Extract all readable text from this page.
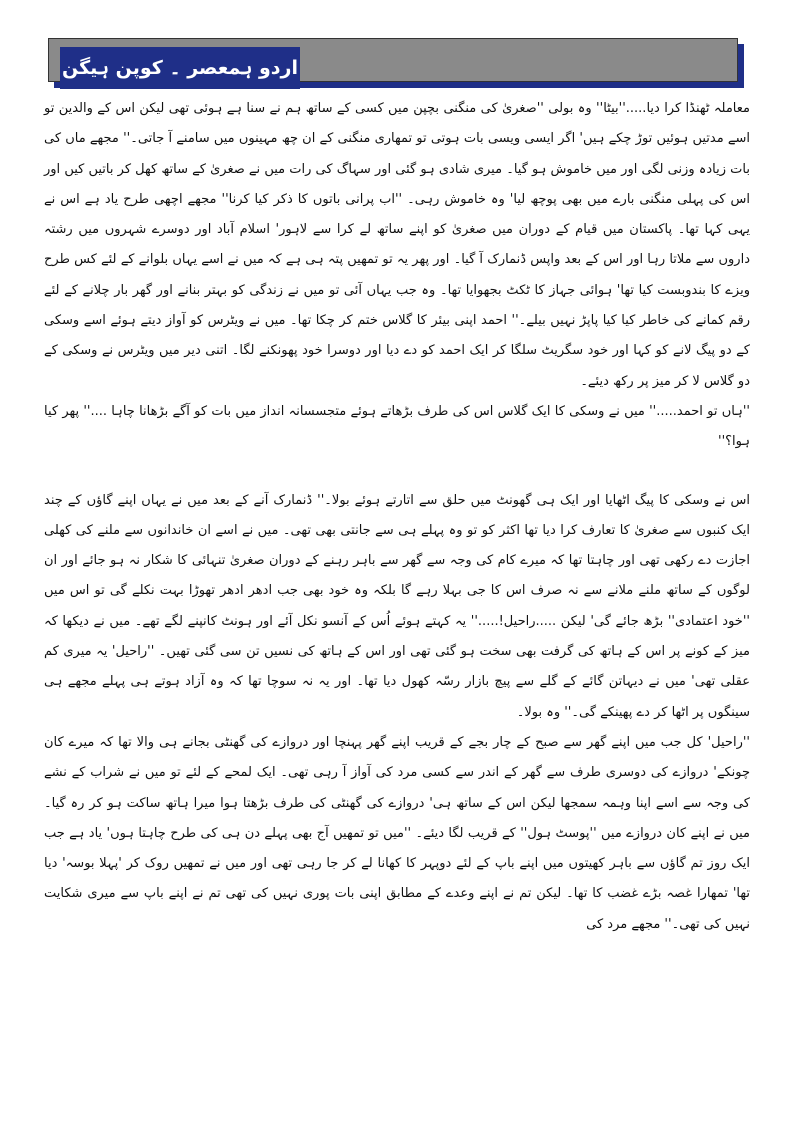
اردو ہمعصر ۔ کوپن ہیگن

معاملہ ٹھنڈا کرا دیا.....''بیٹا'' وہ بولی ''صغریٰ کی منگنی بچپن میں کسی کے ساتھ ہم نے سنا ہے ہوئی تھی لیکن اس کے والدین تو اسے مدتیں ہوئیں توڑ چکے ہیں' اگر ایسی ویسی بات ہوتی تو تمھاری منگنی کے ان چھ مہینوں میں سامنے آ جاتی۔'' مجھے ماں کی بات زیادہ وزنی لگی اور میں خاموش ہو گیا۔ میری شادی ہو گئی اور سہاگ کی رات میں نے صغریٰ کے ساتھ کھل کر باتیں کیں اور اس کی پہلی منگنی بارے میں بھی پوچھ لیا' وہ خاموش رہی۔ ''اب پرانی باتوں کا ذکر کیا کرنا'' مجھے اچھی طرح یاد ہے اس نے یہی کہا تھا۔ پاکستان میں قیام کے دوران میں صغریٰ کو اپنے ساتھ لے کرا سے لاہور' اسلام آباد اور دوسرے شہروں میں رشتہ داروں سے ملاتا رہا اور اس کے بعد واپس ڈنمارک آ گیا۔ اور پھر یہ تو تمھیں پتہ ہی ہے کہ میں نے اسے یہاں بلوانے کے لئے کس طرح ویزے کا بندوبست کیا تھا' ہوائی جہاز کا ٹکٹ بجھوایا تھا۔ وہ جب یہاں آئی تو میں نے زندگی کو بہتر بنانے اور گھر بار چلانے کے لئے رقم کمانے کی خاطر کیا کیا پاپڑ نہیں بیلے۔'' احمد اپنی بیئر کا گلاس ختم کر چکا تھا۔ میں نے ویٹرس کو آواز دیتے ہوئے اسے وسکی کے دو پیگ لانے کو کہا اور خود سگریٹ سلگا کر ایک احمد کو دے دیا اور دوسرا خود پھونکنے لگا۔ اتنی دیر میں ویٹرس نے وسکی کے دو گلاس لا کر میز پر رکھ دیئے۔

''ہاں تو احمد.....'' میں نے وسکی کا ایک گلاس اس کی طرف بڑھاتے ہوئے متجسسانہ انداز میں بات کو آگے بڑھانا چاہا ....'' پھر کیا ہوا؟''

اس نے وسکی کا پیگ اٹھایا اور ایک ہی گھونٹ میں حلق سے اتارتے ہوئے بولا۔'' ڈنمارک آنے کے بعد میں نے یہاں اپنے گاؤں کے چند ایک کنبوں سے صغریٰ کا تعارف کرا دیا تھا اکثر کو تو وہ پہلے ہی سے جانتی بھی تھی۔ میں نے اسے ان خاندانوں سے ملنے کی کھلی اجازت دے رکھی تھی اور چاہتا تھا کہ میرے کام کی وجہ سے گھر سے باہر رہنے کے دوران صغریٰ تنہائی کا شکار نہ ہو جائے اور ان لوگوں کے ساتھ ملنے ملانے سے نہ صرف اس کا جی بہلا رہے گا بلکہ وہ خود بھی جب ادھر ادھر تھوڑا بہت نکلے گی تو اس میں ''خود اعتمادی'' بڑھ جائے گی' لیکن .....راحیل!.....'' یہ کہتے ہوئے اُس کے آنسو نکل آئے اور ہونٹ کانپنے لگے تھے۔ میں نے دیکھا کہ میز کے کونے پر اس کے ہاتھ کی گرفت بھی سخت ہو گئی تھی اور اس کے ہاتھ کی نسیں تن سی گئی تھیں۔ ''راحیل' یہ میری کم عقلی تھی' میں نے دیہاتن گائے کے گلے سے پیچ بازار رسّہ کھول دیا تھا۔ اور یہ نہ سوچا تھا کہ وہ آزاد ہوتے ہی پہلے مجھے ہی سینگوں پر اٹھا کر دے پھینکے گی۔'' وہ بولا۔

''راحیل' کل جب میں اپنے گھر سے صبح کے چار بجے کے قریب اپنے گھر پہنچا اور دروازے کی گھنٹی بجانے ہی والا تھا کہ میرے کان چونکے' دروازے کی دوسری طرف سے گھر کے اندر سے کسی مرد کی آواز آ رہی تھی۔ ایک لمحے کے لئے تو میں نے شراب کے نشے کی وجہ سے اسے اپنا وہمہ سمجھا لیکن اس کے ساتھ ہی' دروازے کی گھنٹی کی طرف بڑھتا ہوا میرا ہاتھ ساکت ہو کر رہ گیا۔ میں نے اپنے کان دروازے میں ''پوسٹ ہول'' کے قریب لگا دیئے۔ ''میں تو تمھیں آج بھی پہلے دن ہی کی طرح چاہتا ہوں' یاد ہے جب ایک روز تم گاؤں سے باہر کھیتوں میں اپنے باپ کے لئے دوپہر کا کھانا لے کر جا رہی تھی اور میں نے تمھیں روک کر 'پہلا بوسہ' دیا تھا' تمھارا غصہ بڑے غضب کا تھا۔ لیکن تم نے اپنے وعدے کے مطابق اپنی بات پوری نہیں کی تھی تم نے اپنے باپ سے میری شکایت نہیں کی تھی۔'' مجھے مرد کی
